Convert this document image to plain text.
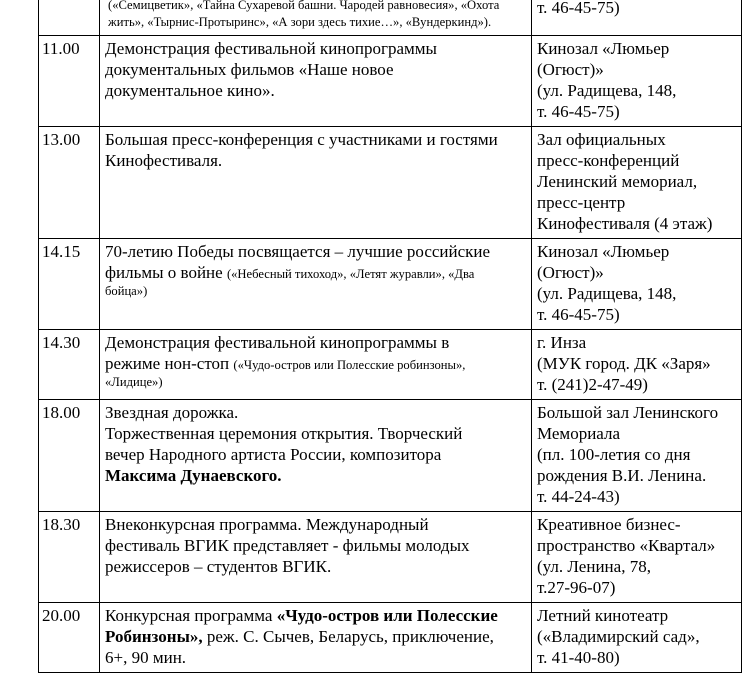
	(«Семицветик», «Тайна Сухаревой башни. Чародей равновесия», «Охота
жить», «Тырнис-Протыринс», «А зори здесь тихие…», «Вундеркинд»).	т. 46-45-75)

11.00	Демонстрация фестивальной кинопрограммы
документальных фильмов «Наше новое
документальное кино».	Кинозал «Люмьер
(Огюст)»
(ул. Радищева, 148,
т. 46-45-75)

13.00	Большая пресс-конференция с участниками и гостями
Кинофестиваля.	Зал официальных
пресс-конференций
Ленинский мемориал,
пресс-центр
Кинофестиваля (4 этаж)

14.15	70-летию Победы посвящается – лучшие российские
фильмы о войне («Небесный тихоход», «Летят журавли», «Два
бойца»)	Кинозал «Люмьер
(Огюст)»
(ул. Радищева, 148,
т. 46-45-75)

14.30	Демонстрация фестивальной кинопрограммы в
режиме нон-стоп («Чудо-остров или Полесские робинзоны»,
«Лидице»)	г. Инза
(МУК город. ДК «Заря»
т. (241)2-47-49)

18.00	Звездная дорожка.
Торжественная церемония открытия. Творческий
вечер Народного артиста России, композитора
Максима Дунаевского.	Большой зал Ленинского
Мемориала
(пл. 100-летия со дня
рождения В.И. Ленина.
т. 44-24-43)

18.30	Внеконкурсная программа. Международный
фестиваль ВГИК представляет - фильмы молодых
режиссеров – студентов ВГИК.	Креативное бизнес-
пространство «Квартал»
(ул. Ленина, 78,
т.27-96-07)

20.00	Конкурсная программа «Чудо-остров или Полесские
Робинзоны», реж. С. Сычев, Беларусь, приключение,
6+, 90 мин.	Летний кинотеатр
(«Владимирский сад»,
т. 41-40-80)
